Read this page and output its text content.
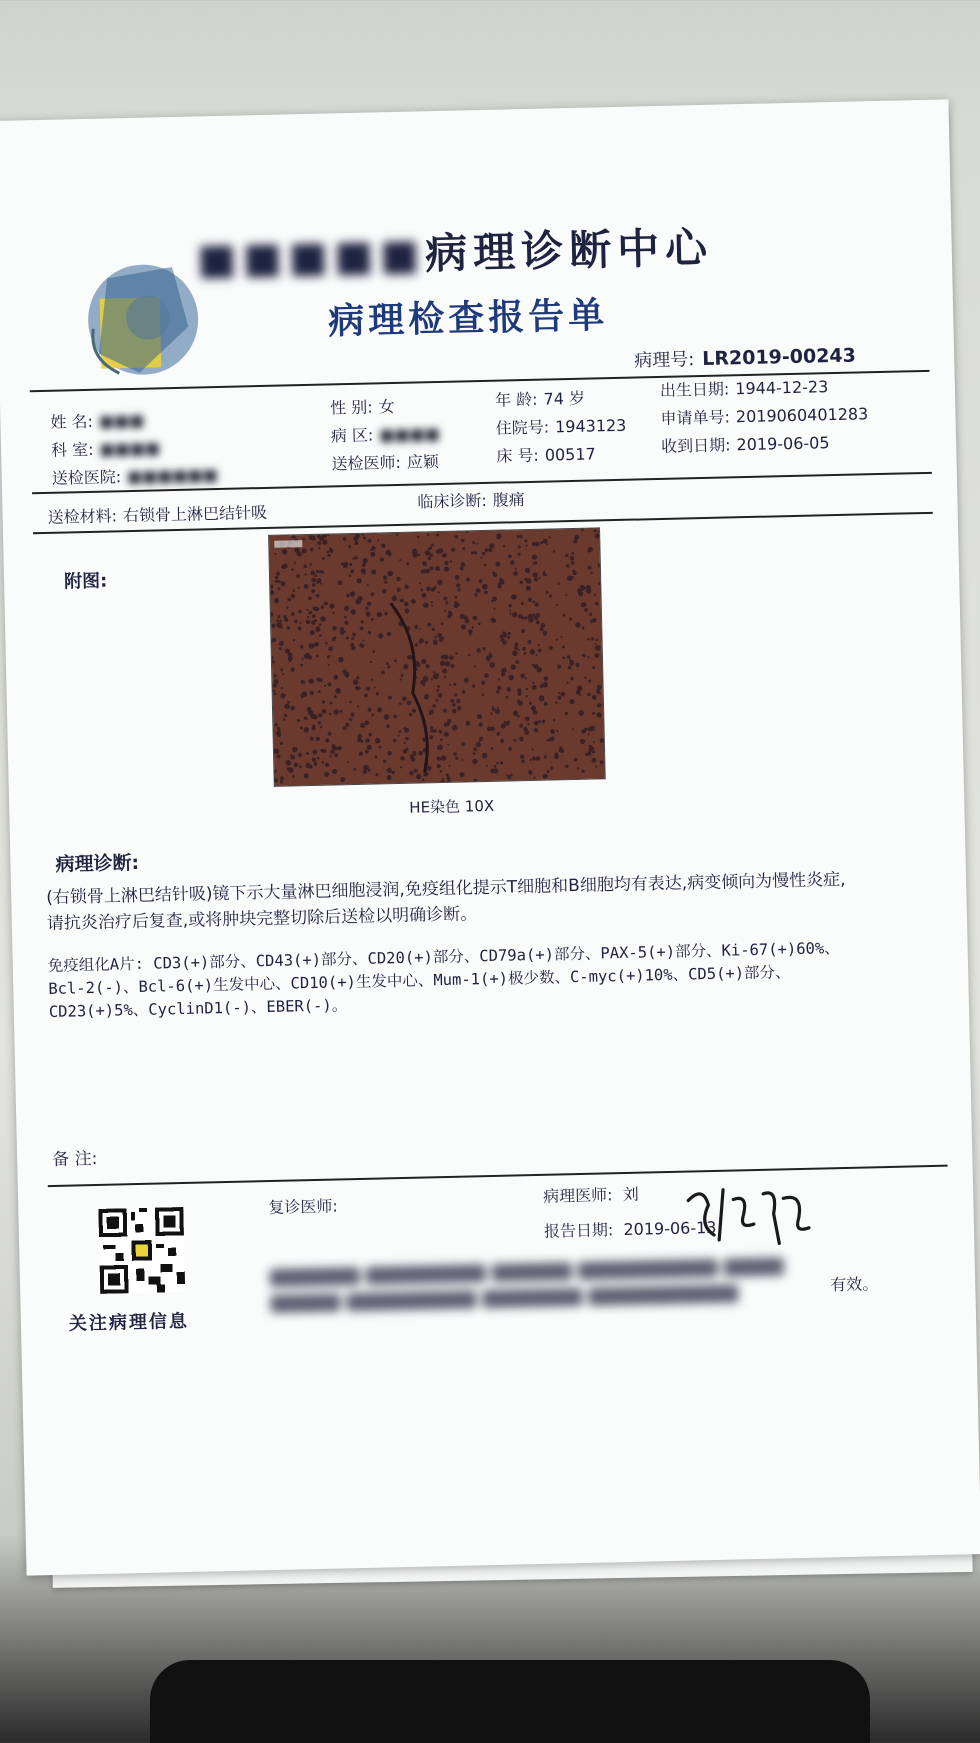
■■■■■病理诊断中心
病理检查报告单
病理号: LR2019-00243
姓 名: ■■■
科 室: ■■■■
送检医院: ■■■■■■
性 别: 女
病 区: ■■■■
送检医师: 应颖
年 龄: 74 岁
住院号: 1943123
床 号: 00517
出生日期: 1944-12-23
申请单号: 2019060401283
收到日期: 2019-06-05
送检材料: 右锁骨上淋巴结针吸
临床诊断: 腹痛
附图:
HE染色 10X
病理诊断:
(右锁骨上淋巴结针吸)镜下示大量淋巴细胞浸润,免疫组化提示T细胞和B细胞均有表达,病变倾向为慢性炎症,请抗炎治疗后复查,或将肿块完整切除后送检以明确诊断。
免疫组化A片: CD3(+)部分、CD43(+)部分、CD20(+)部分、CD79a(+)部分、PAX-5(+)部分、Ki-67(+)60%、Bcl-2(-)、Bcl-6(+)生发中心、CD10(+)生发中心、Mum-1(+)极少数、C-myc(+)10%、CD5(+)部分、CD23(+)5%、CyclinD1(-)、EBER(-)。
备 注:
关注病理信息
复诊医师:
病理医师: 刘
报告日期: 2019-06-13

有效。
